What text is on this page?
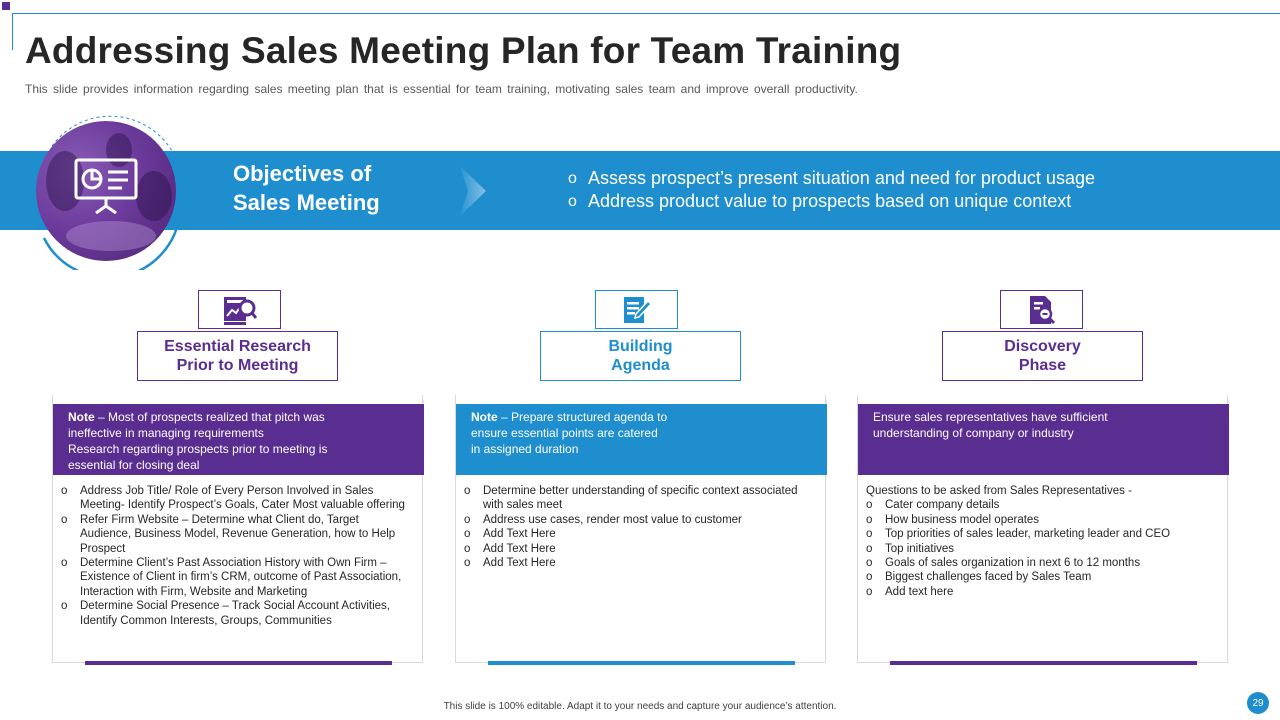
Addressing Sales Meeting Plan for Team Training

This slide provides information regarding sales meeting plan that is essential for team training, motivating sales team and improve overall productivity.

Objectives of
Sales Meeting
o Assess prospect’s present situation and need for product usage
o Address product value to prospects based on unique context
Essential Research
Prior to Meeting
Note – Most of prospects realized that pitch was
ineffective in managing requirements
Research regarding prospects prior to meeting is
essential for closing deal
o Address Job Title/ Role of Every Person Involved in Sales Meeting- Identify Prospect’s Goals, Cater Most valuable offering
o Refer Firm Website – Determine what Client do, Target Audience, Business Model, Revenue Generation, how to Help Prospect
o Determine Client’s Past Association History with Own Firm – Existence of Client in firm’s CRM, outcome of Past Association, Interaction with Firm, Website and Marketing
o Determine Social Presence – Track Social Account Activities, Identify Common Interests, Groups, Communities
Building
Agenda
Note – Prepare structured agenda to
ensure essential points are catered
in assigned duration
o Determine better understanding of specific context associated with sales meet
o Address use cases, render most value to customer
o Add Text Here
o Add Text Here
o Add Text Here
Discovery
Phase
Ensure sales representatives have sufficient
understanding of company or industry
Questions to be asked from Sales Representatives -
o Cater company details
o How business model operates
o Top priorities of sales leader, marketing leader and CEO
o Top initiatives
o Goals of sales organization in next 6 to 12 months
o Biggest challenges faced by Sales Team
o Add text here

This slide is 100% editable. Adapt it to your needs and capture your audience’s attention.	29
